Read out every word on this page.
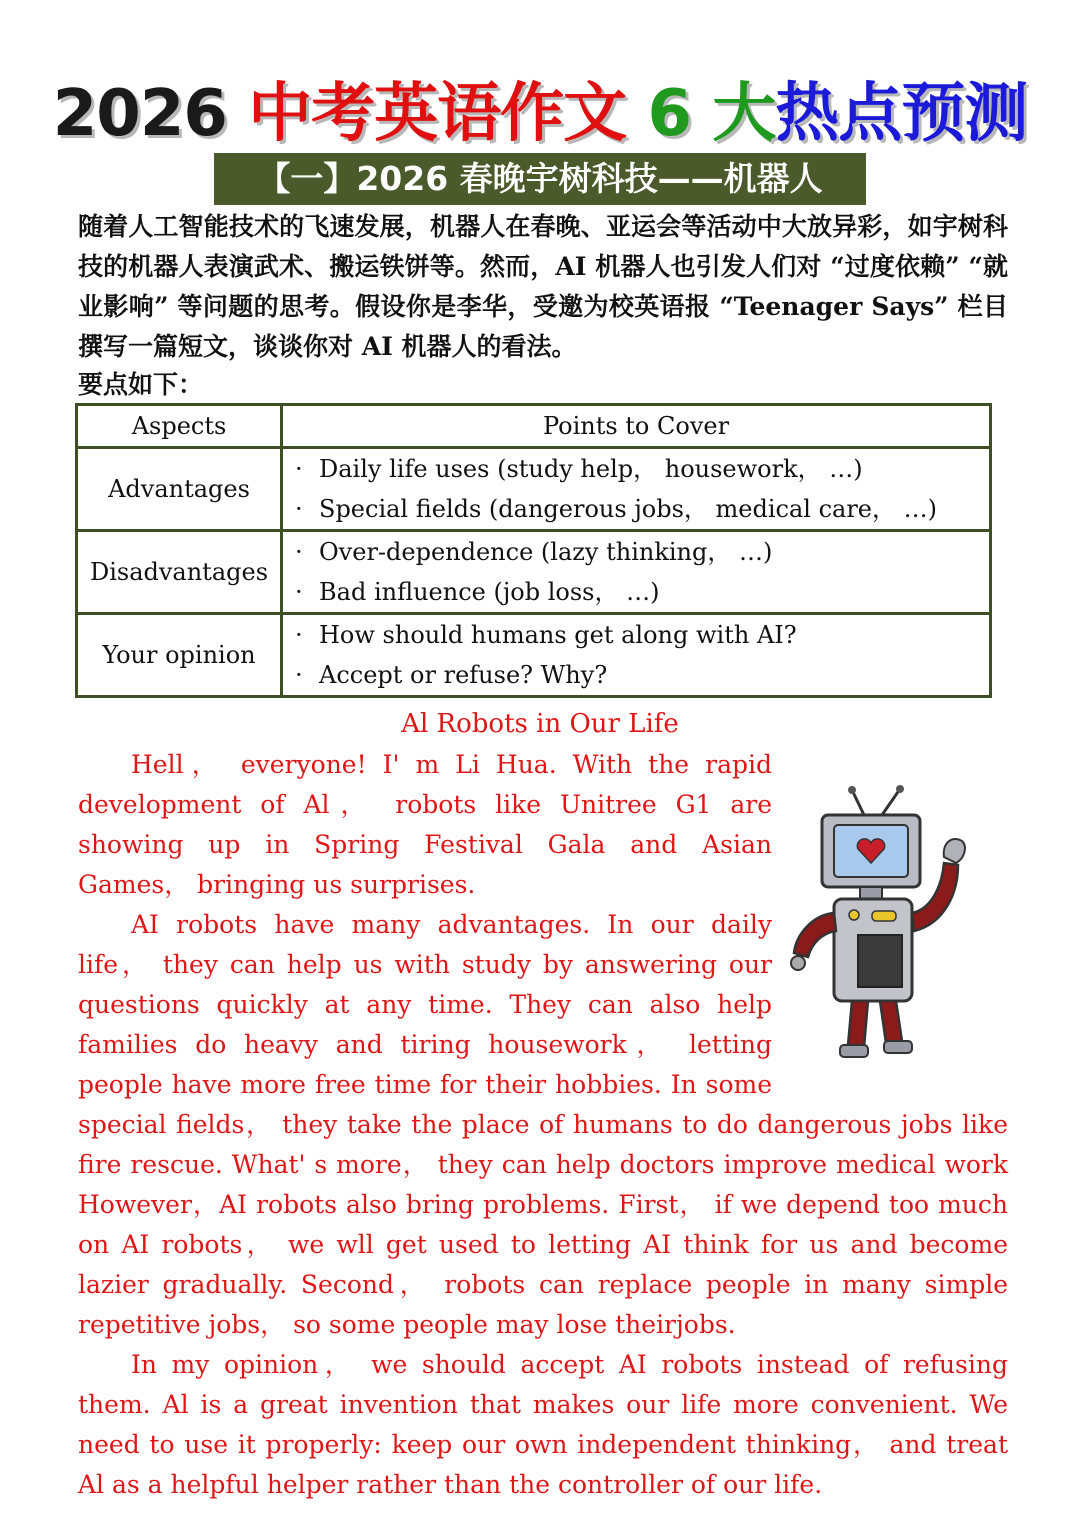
2026 中考英语作文 6 大热点预测
【一】2026 春晚宇树科技——机器人
随着人工智能技术的飞速发展，机器人在春晚、亚运会等活动中大放异彩，如宇树科技的机器人表演武术、搬运铁饼等。然而，AI 机器人也引发人们对 “过度依赖” “就业影响” 等问题的思考。假设你是李华，受邀为校英语报 “Teenager Says” 栏目撰写一篇短文，谈谈你对 AI 机器人的看法。
要点如下：
Aspects	Points to Cover
Advantages	· Daily life uses (study help， housework， …)
· Special fields (dangerous jobs， medical care， …)

Disadvantages	· Over-dependence (lazy thinking， …)
· Bad influence (job loss， …)

Your opinion	· How should humans get along with AI?
· Accept or refuse? Why?
Al Robots in Our Life

Hell， everyone! I' m Li Hua. With the rapid development of Al， robots like Unitree G1 are showing up in Spring Festival Gala and Asian Games， bringing us surprises.

AI robots have many advantages. In our daily life， they can help us with study by answering our questions quickly at any time. They can also help families do heavy and tiring housework， letting people have more free time for their hobbies. In some special fields， they take the place of humans to do dangerous jobs like fire rescue. What' s more， they can help doctors improve medical work However，AI robots also bring problems. First， if we depend too much on AI robots， we wll get used to letting AI think for us and become lazier gradually. Second， robots can replace people in many simple repetitive jobs， so some people may lose theirjobs.

In my opinion， we should accept AI robots instead of refusing them. Al is a great invention that makes our life more convenient. We need to use it properly: keep our own independent thinking， and treat Al as a helpful helper rather than the controller of our life.
